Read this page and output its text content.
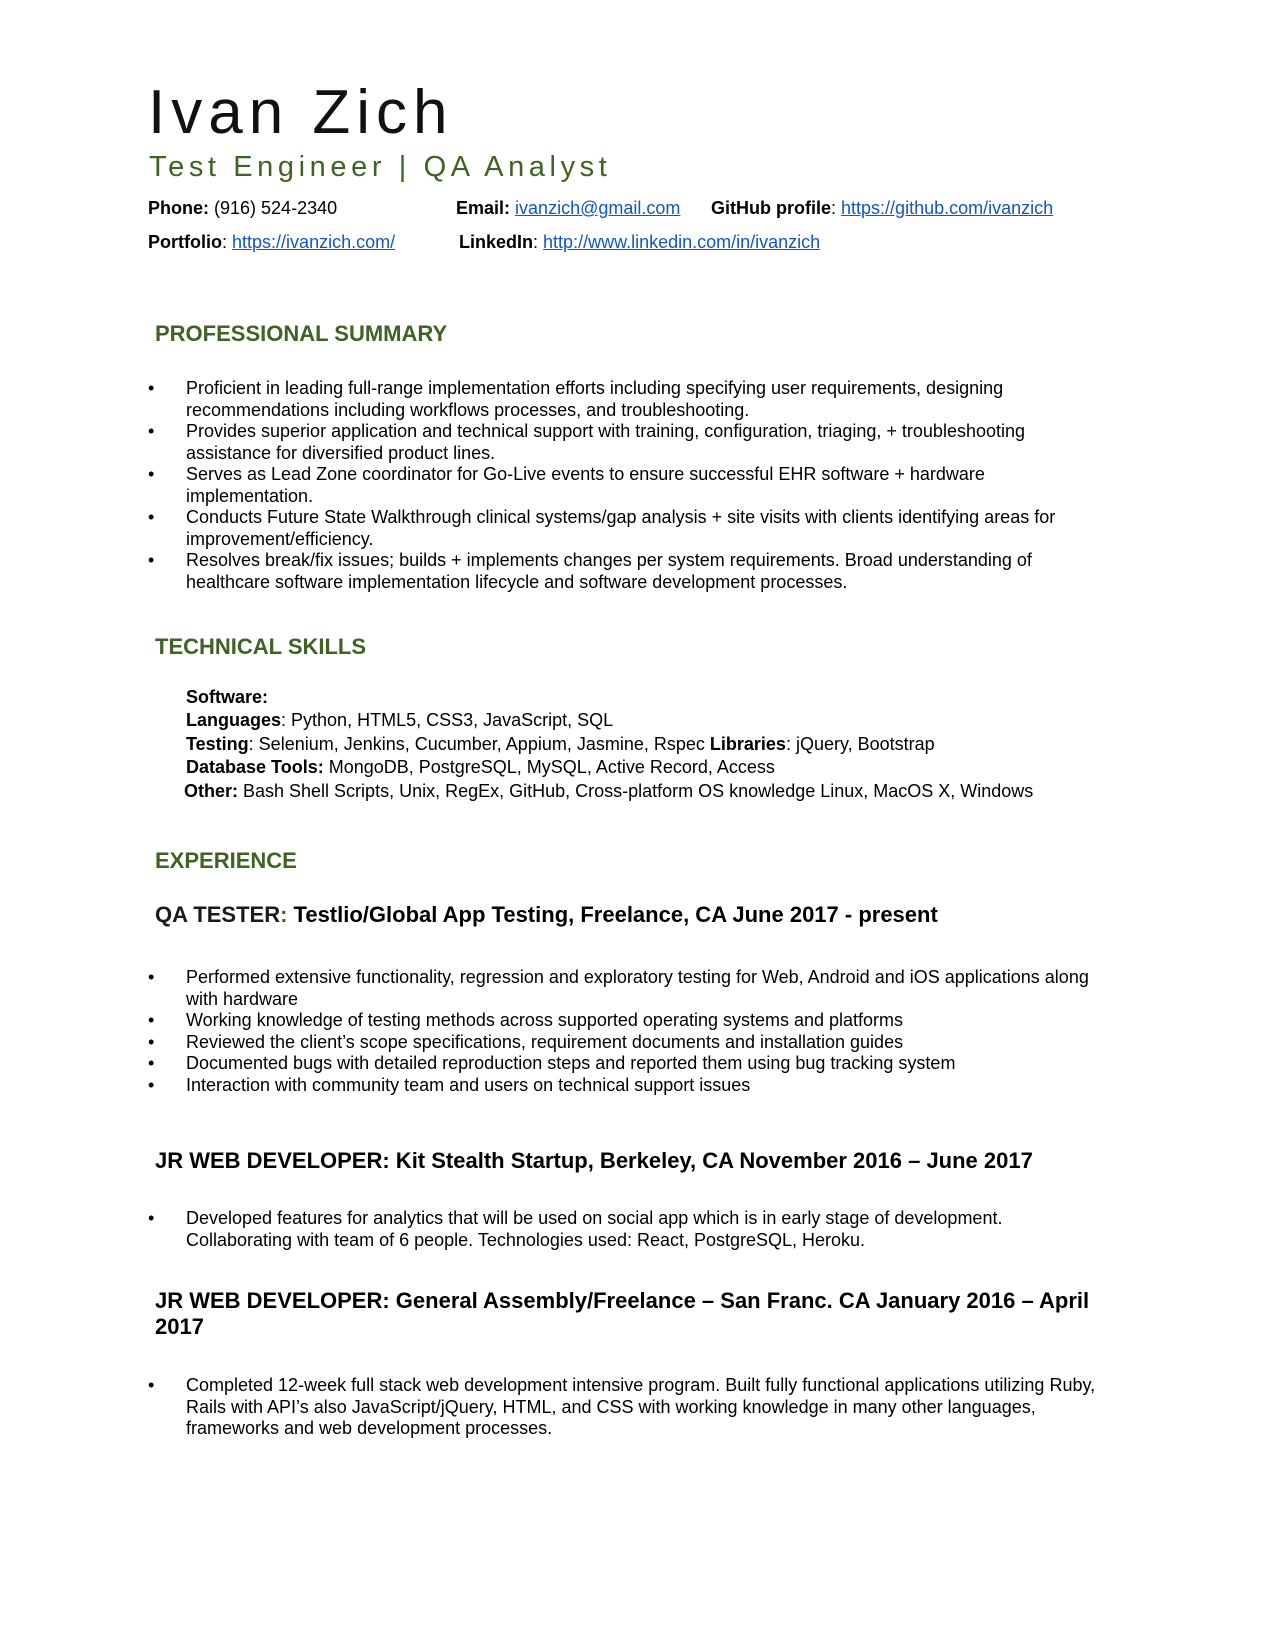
Ivan Zich
Test Engineer | QA Analyst
Phone: (916) 524-2340	Email: ivanzich@gmail.com GitHub profile: https://github.com/ivanzich
Portfolio: https://ivanzich.com/	LinkedIn: http://www.linkedin.com/in/ivanzich
PROFESSIONAL SUMMARY
• Proficient in leading full-range implementation efforts including specifying user requirements, designing recommendations including workflows processes, and troubleshooting.
• Provides superior application and technical support with training, configuration, triaging, + troubleshooting assistance for diversified product lines.
• Serves as Lead Zone coordinator for Go-Live events to ensure successful EHR software + hardware implementation.
• Conducts Future State Walkthrough clinical systems/gap analysis + site visits with clients identifying areas for improvement/efficiency.
• Resolves break/fix issues; builds + implements changes per system requirements. Broad understanding of healthcare software implementation lifecycle and software development processes.
TECHNICAL SKILLS
Software:
Languages: Python, HTML5, CSS3, JavaScript, SQL
Testing: Selenium, Jenkins, Cucumber, Appium, Jasmine, Rspec Libraries: jQuery, Bootstrap
Database Tools: MongoDB, PostgreSQL, MySQL, Active Record, Access
Other: Bash Shell Scripts, Unix, RegEx, GitHub, Cross-platform OS knowledge Linux, MacOS X, Windows
EXPERIENCE
QA TESTER: Testlio/Global App Testing, Freelance, CA June 2017 - present
• Performed extensive functionality, regression and exploratory testing for Web, Android and iOS applications along with hardware
• Working knowledge of testing methods across supported operating systems and platforms
• Reviewed the client’s scope specifications, requirement documents and installation guides
• Documented bugs with detailed reproduction steps and reported them using bug tracking system
• Interaction with community team and users on technical support issues
JR WEB DEVELOPER: Kit Stealth Startup, Berkeley, CA November 2016 – June 2017
• Developed features for analytics that will be used on social app which is in early stage of development. Collaborating with team of 6 people. Technologies used: React, PostgreSQL, Heroku.
JR WEB DEVELOPER: General Assembly/Freelance – San Franc. CA January 2016 – April 2017
• Completed 12-week full stack web development intensive program. Built fully functional applications utilizing Ruby, Rails with API’s also JavaScript/jQuery, HTML, and CSS with working knowledge in many other languages, frameworks and web development processes.
